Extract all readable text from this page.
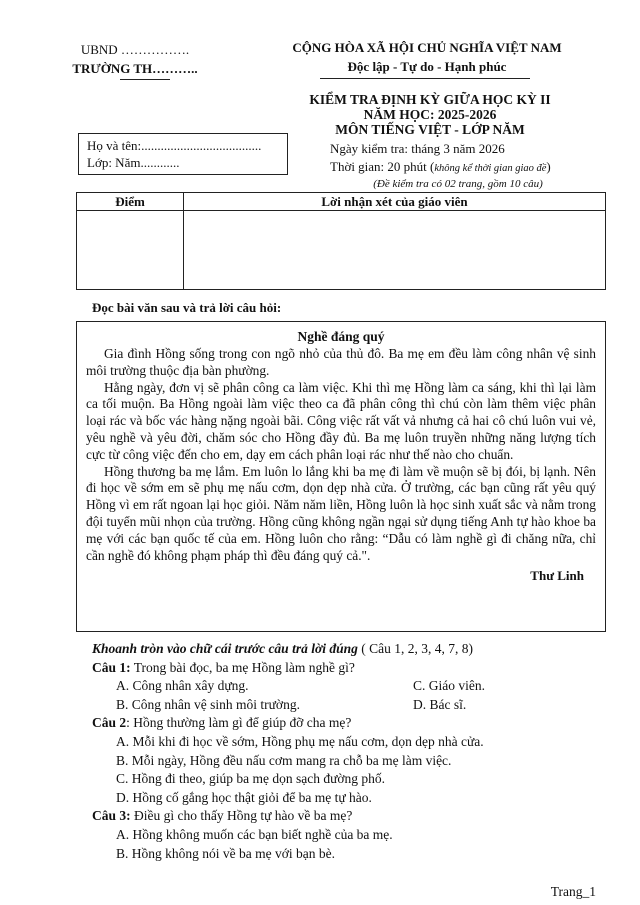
UBND …………….
TRƯỜNG TH………..
CỘNG HÒA XÃ HỘI CHỦ NGHĨA VIỆT NAM
Độc lập - Tự do - Hạnh phúc
KIỂM TRA ĐỊNH KỲ GIỮA HỌC KỲ II
NĂM HỌC: 2025-2026
MÔN TIẾNG VIỆT - LỚP NĂM
Họ và tên:.....................................
Lớp: Năm............
Ngày kiểm tra: tháng 3 năm 2026
Thời gian: 20 phút (không kể thời gian giao đề)
(Đề kiểm tra có 02 trang, gồm 10 câu)
Điểm	Lời nhận xét của giáo viên
Đọc bài văn sau và trả lời câu hỏi:
Nghề đáng quý

Gia đình Hồng sống trong con ngõ nhỏ của thủ đô. Ba mẹ em đều làm công nhân vệ sinh môi trường thuộc địa bàn phường.

Hằng ngày, đơn vị sẽ phân công ca làm việc. Khi thì mẹ Hồng làm ca sáng, khi thì lại làm ca tối muộn. Ba Hồng ngoài làm việc theo ca đã phân công thì chú còn làm thêm việc phân loại rác và bốc vác hàng nặng ngoài bãi. Công việc rất vất vả nhưng cả hai cô chú luôn vui vẻ, yêu nghề và yêu đời, chăm sóc cho Hồng đầy đủ. Ba mẹ luôn truyền những năng lượng tích cực từ công việc đến cho em, dạy em cách phân loại rác như thế nào cho chuẩn.

Hồng thương ba mẹ lắm. Em luôn lo lắng khi ba mẹ đi làm về muộn sẽ bị đói, bị lạnh. Nên đi học về sớm em sẽ phụ mẹ nấu cơm, dọn dẹp nhà cửa. Ở trường, các bạn cũng rất yêu quý Hồng vì em rất ngoan lại học giỏi. Năm năm liền, Hồng luôn là học sinh xuất sắc và nằm trong đội tuyển mũi nhọn của trường. Hồng cũng không ngần ngại sử dụng tiếng Anh tự hào khoe ba mẹ với các bạn quốc tế của em. Hồng luôn cho rằng: “Dẫu có làm nghề gì đi chăng nữa, chỉ cần nghề đó không phạm pháp thì đều đáng quý cả.".

Thư Linh

Khoanh tròn vào chữ cái trước câu trả lời đúng ( Câu 1, 2, 3, 4, 7, 8)

Câu 1: Trong bài đọc, ba mẹ Hồng làm nghề gì?

A. Công nhân xây dựng.	C. Giáo viên.

B. Công nhân vệ sinh môi trường.	D. Bác sĩ.

Câu 2: Hồng thường làm gì để giúp đỡ cha mẹ?

A. Mỗi khi đi học về sớm, Hồng phụ mẹ nấu cơm, dọn dẹp nhà cửa.

B. Mỗi ngày, Hồng đều nấu cơm mang ra chỗ ba mẹ làm việc.

C. Hồng đi theo, giúp ba mẹ dọn sạch đường phố.

D. Hồng cố gắng học thật giỏi để ba mẹ tự hào.

Câu 3: Điều gì cho thấy Hồng tự hào về ba mẹ?

A. Hồng không muốn các bạn biết nghề của ba mẹ.

B. Hồng không nói về ba mẹ với bạn bè.

Trang_1
